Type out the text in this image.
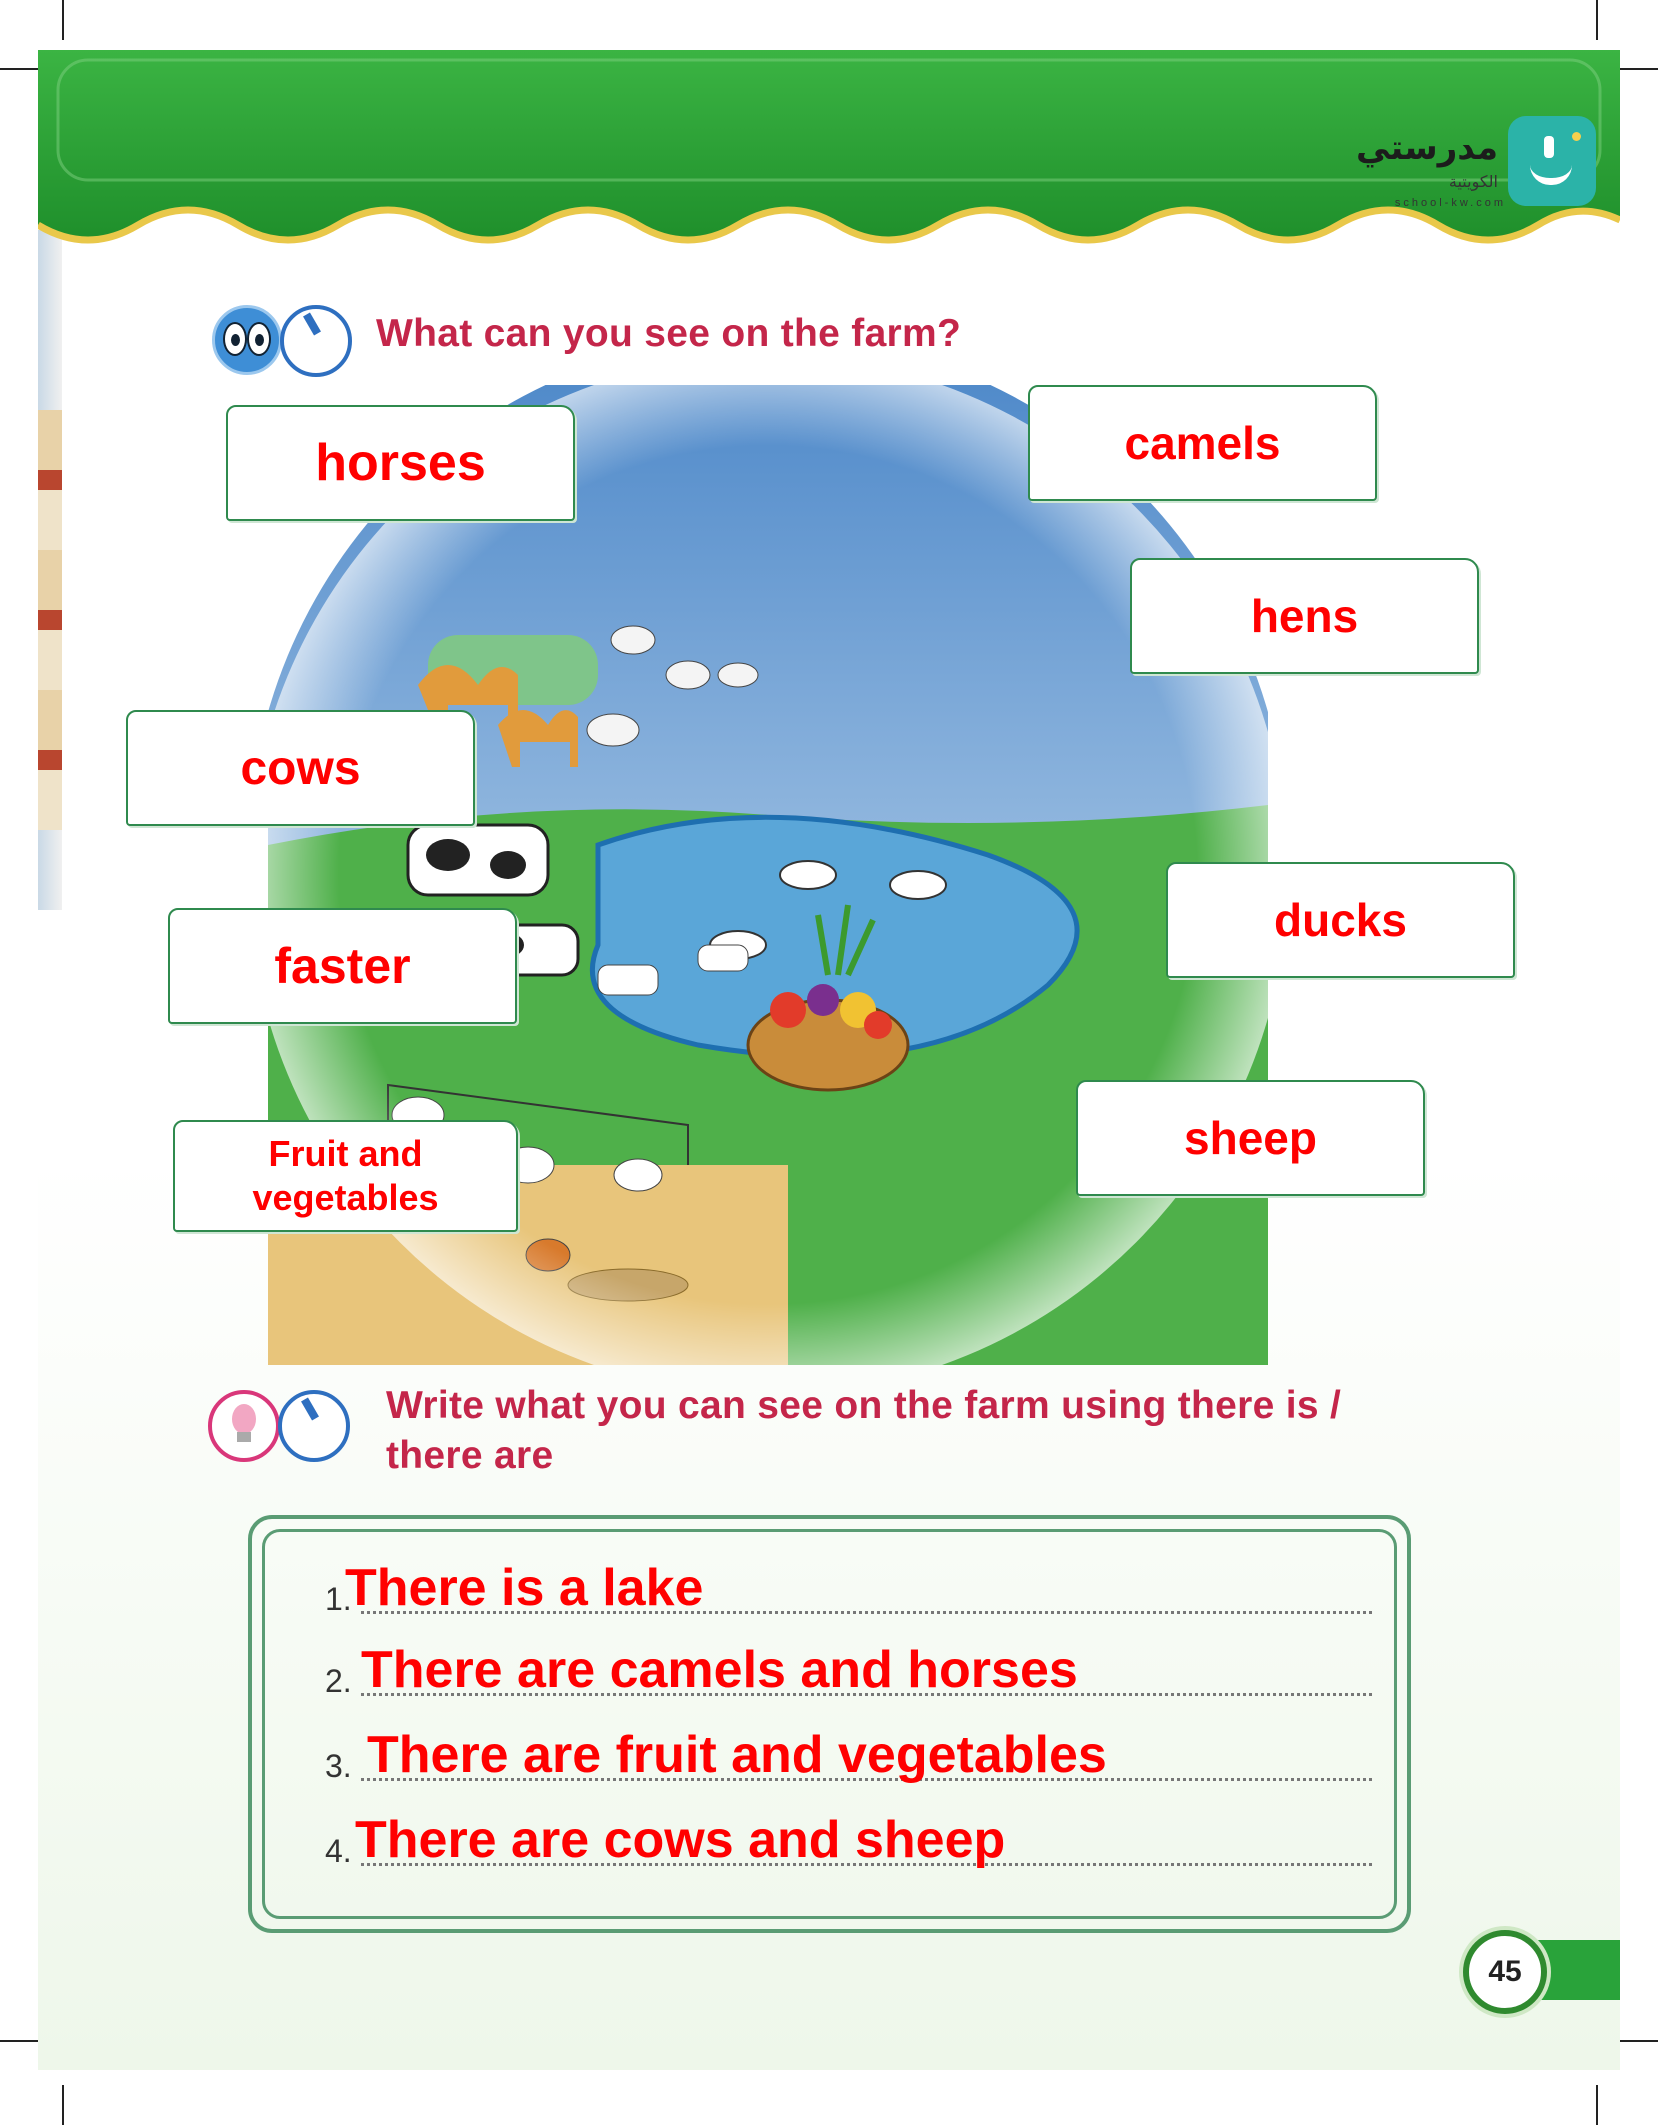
مدرستي
الكويتية
school-kw.com
What can you see on the farm?
horses	camels
hens
cows
ducks
faster
sheep
Fruit and vegetables
Write what you can see on the farm using there is /
there are
1.
There is a lake
2. There are camels and horses
3. There are fruit and vegetables
4. There are cows and sheep
45
